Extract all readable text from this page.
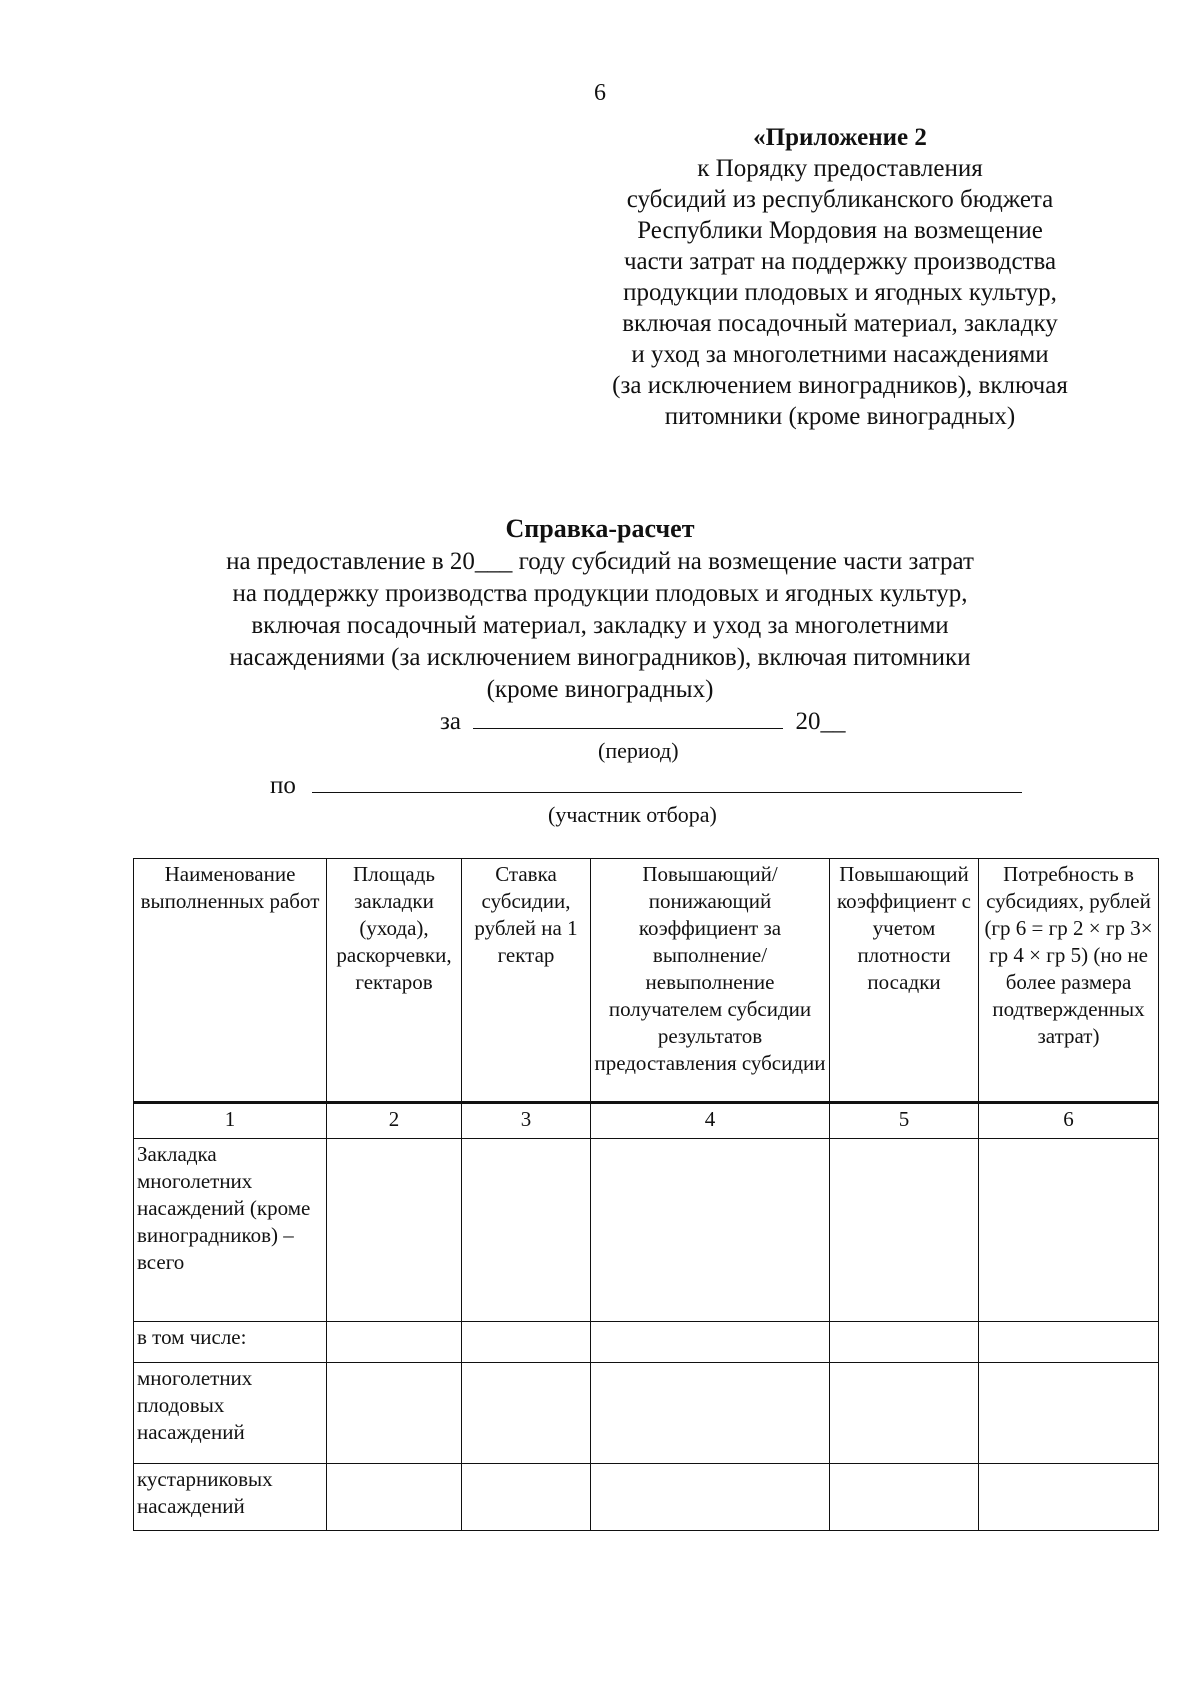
6
«Приложение 2
к Порядку предоставления
субсидий из республиканского бюджета
Республики Мордовия на возмещение
части затрат на поддержку производства
продукции плодовых и ягодных культур,
включая посадочный материал, закладку
и уход за многолетними насаждениями
(за исключением виноградников), включая
питомники (кроме виноградных)
Справка-расчет
на предоставление в 20___ году субсидий на возмещение части затрат
на поддержку производства продукции плодовых и ягодных культур,
включая посадочный материал, закладку и уход за многолетними
насаждениями (за исключением виноградников), включая питомники
(кроме виноградных)
за	20__
(период)
по
(участник отбора)
Наименование выполненных работ	Площадь закладки (ухода), раскорчевки, гектаров	Ставка субсидии, рублей на 1 гектар	Повышающий/ понижающий коэффициент за выполнение/ невыполнение получателем субсидии результатов предоставления субсидии	Повышающий коэффициент с учетом плотности посадки	Потребность в субсидиях, рублей (гр 6 = гр 2 × гр 3× гр 4 × гр 5) (но не более размера подтвержденных затрат)
1	2	3	4	5	6
Закладка многолетних насаждений (кроме виноградников) – всего					
в том числе:					
многолетних плодовых насаждений					
кустарниковых насаждений					
